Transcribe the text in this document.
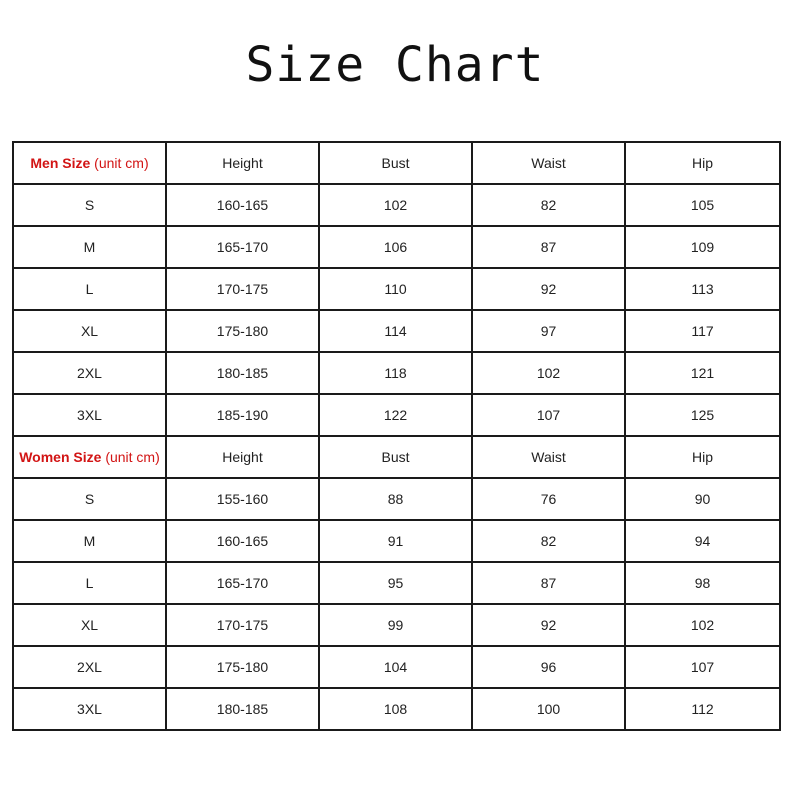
Size Chart
Men Size (unit cm)	Height	Bust	Waist	Hip
S	160-165	102	82	105
M	165-170	106	87	109
L	170-175	110	92	113
XL	175-180	114	97	117
2XL	180-185	118	102	121
3XL	185-190	122	107	125
Women Size (unit cm)	Height	Bust	Waist	Hip
S	155-160	88	76	90
M	160-165	91	82	94
L	165-170	95	87	98
XL	170-175	99	92	102
2XL	175-180	104	96	107
3XL	180-185	108	100	112
